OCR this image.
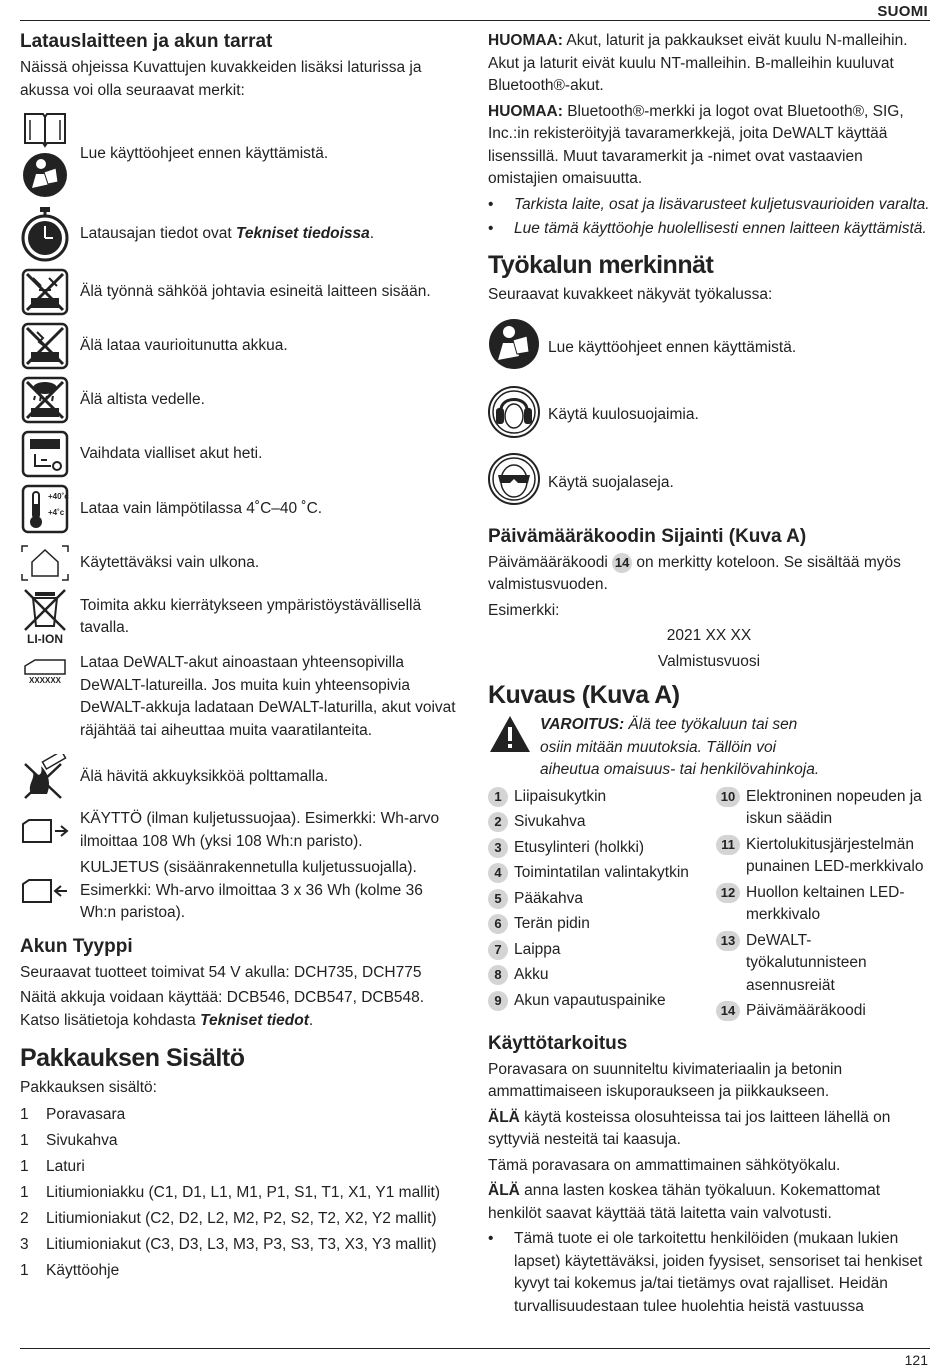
SUOMI
Latauslaitteen ja akun tarrat

Näissä ohjeissa Kuvattujen kuvakkeiden lisäksi laturissa ja akussa voi olla seuraavat merkit:

Lue käyttöohjeet ennen käyttämistä.
Latausajan tiedot ovat Tekniset tiedoissa.
Älä työnnä sähköä johtavia esineitä laitteen sisään.
Älä lataa vaurioitunutta akkua.
Älä altista vedelle.
Vaihdata vialliset akut heti.
+40˚c
+4˚c Lataa vain lämpötilassa 4˚C–40 ˚C.
Käytettäväksi vain ulkona.
LI-ION
Toimita akku kierrätykseen ympäristöystävällisellä tavalla.
XXXXXX
Lataa DeWALT-akut ainoastaan yhteensopivilla DeWALT-latureilla. Jos muita kuin yhteensopivia DeWALT-akkuja ladataan DeWALT-laturilla, akut voivat räjähtää tai aiheuttaa muita vaaratilanteita.
Älä hävitä akkuyksikköä polttamalla.
KÄYTTÖ (ilman kuljetussuojaa). Esimerkki: Wh-arvo ilmoittaa 108 Wh (yksi 108 Wh:n paristo).
KULJETUS (sisäänrakennetulla kuljetussuojalla). Esimerkki: Wh-arvo ilmoittaa 3 x 36 Wh (kolme 36 Wh:n paristoa).
Akun Tyyppi

Seuraavat tuotteet toimivat 54 V akulla: DCH735, DCH775

Näitä akkuja voidaan käyttää: DCB546, DCB547, DCB548. Katso lisätietoja kohdasta Tekniset tiedot.

Pakkauksen Sisältö

Pakkauksen sisältö:

1	Poravasara
1	Sivukahva
1	Laturi
1	Litiumioniakku (C1, D1, L1, M1, P1, S1, T1, X1, Y1 mallit)
2	Litiumioniakut (C2, D2, L2, M2, P2, S2, T2, X2, Y2 mallit)
3	Litiumioniakut (C3, D3, L3, M3, P3, S3, T3, X3, Y3 mallit)
1	Käyttöohje

HUOMAA: Akut, laturit ja pakkaukset eivät kuulu N-malleihin. Akut ja laturit eivät kuulu NT-malleihin. B-malleihin kuuluvat Bluetooth®-akut.

HUOMAA: Bluetooth®-merkki ja logot ovat Bluetooth®, SIG, Inc.:in rekisteröityjä tavaramerkkejä, joita DeWALT käyttää lisenssillä. Muut tavaramerkit ja -nimet ovat vastaavien omistajien omaisuutta.

•	Tarkista laite, osat ja lisävarusteet kuljetusvaurioiden varalta.
•	Lue tämä käyttöohje huolellisesti ennen laitteen käyttämistä.
Työkalun merkinnät

Seuraavat kuvakkeet näkyvät työkalussa:

Lue käyttöohjeet ennen käyttämistä.
Käytä kuulosuojaimia.
Käytä suojalaseja.
Päivämääräkoodin Sijainti (Kuva A)

Päivämääräkoodi 14 on merkitty koteloon. Se sisältää myös valmistusvuoden.

Esimerkki:

2021 XX XX

Valmistusvuosi

Kuvaus (Kuva A)
VAROITUS: Älä tee työkaluun tai sen osiin mitään muutoksia. Tällöin voi aiheutua omaisuus- tai henkilövahinkoja.
1 Liipaisukytkin
2 Sivukahva
3 Etusylinteri (holkki)
4 Toimintatilan valintakytkin
5 Pääkahva
6 Terän pidin
7 Laippa
8 Akku
9 Akun vapautuspainike
10 Elektroninen nopeuden ja iskun säädin
11 Kiertolukitusjärjestelmän punainen LED-merkkivalo
12 Huollon keltainen LED-merkkivalo
13 DeWALT-työkalutunnisteen asennusreiät
14 Päivämääräkoodi
Käyttötarkoitus

Poravasara on suunniteltu kivimateriaalin ja betonin ammattimaiseen iskuporaukseen ja piikkaukseen.

ÄLÄ käytä kosteissa olosuhteissa tai jos laitteen lähellä on syttyviä nesteitä tai kaasuja.

Tämä poravasara on ammattimainen sähkötyökalu.

ÄLÄ anna lasten koskea tähän työkaluun. Kokemattomat henkilöt saavat käyttää tätä laitetta vain valvotusti.

•	Tämä tuote ei ole tarkoitettu henkilöiden (mukaan lukien lapset) käytettäväksi, joiden fyysiset, sensoriset tai henkiset kyvyt tai kokemus ja/tai tietämys ovat rajalliset. Heidän turvallisuudestaan tulee huolehtia heistä vastuussa
121
